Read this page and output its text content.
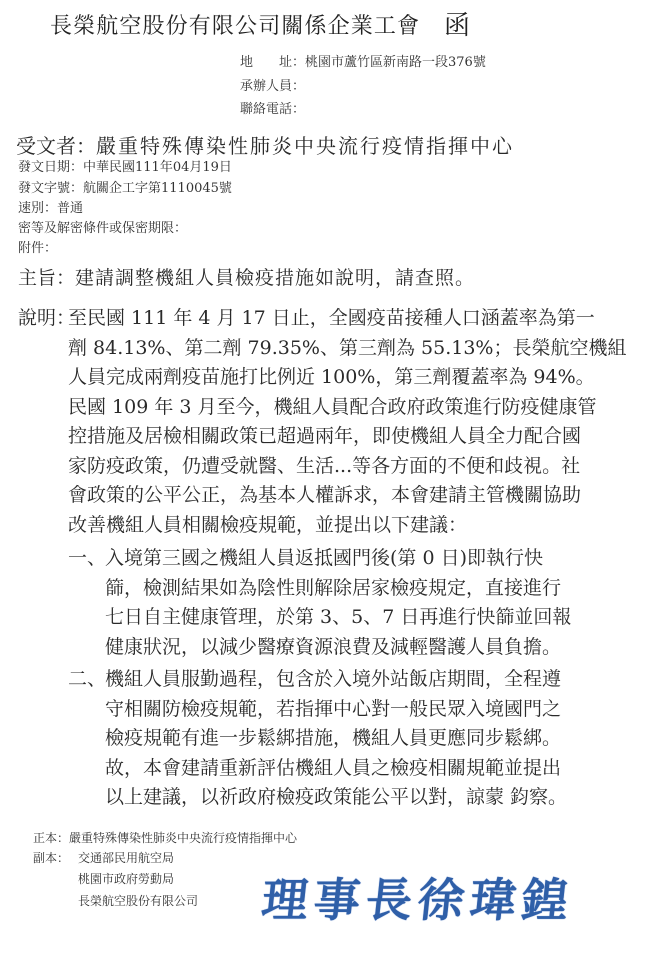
長榮航空股份有限公司關係企業工會 函
地　　址：桃園市蘆竹區新南路一段376號
承辦人員：
聯絡電話：
受文者：嚴重特殊傳染性肺炎中央流行疫情指揮中心
發文日期：中華民國111年04月19日
發文字號：航關企工字第1110045號
速別：普通
密等及解密條件或保密期限：
附件：
主旨：建請調整機組人員檢疫措施如說明，請查照。
說明：
至民國 111 年 4 月 17 日止，全國疫苗接種人口涵蓋率為第一
劑 84.13%、第二劑 79.35%、第三劑為 55.13%；長榮航空機組
人員完成兩劑疫苗施打比例近 100%，第三劑覆蓋率為 94%。
民國 109 年 3 月至今，機組人員配合政府政策進行防疫健康管
控措施及居檢相關政策已超過兩年，即使機組人員全力配合國
家防疫政策，仍遭受就醫、生活...等各方面的不便和歧視。社
會政策的公平公正，為基本人權訴求，本會建請主管機關協助
改善機組人員相關檢疫規範，並提出以下建議：
一、
入境第三國之機組人員返抵國門後(第 0 日)即執行快
篩，檢測結果如為陰性則解除居家檢疫規定，直接進行
七日自主健康管理，於第 3、5、7 日再進行快篩並回報
健康狀況，以減少醫療資源浪費及減輕醫護人員負擔。
二、
機組人員服勤過程，包含於入境外站飯店期間，全程遵
守相關防檢疫規範，若指揮中心對一般民眾入境國門之
檢疫規範有進一步鬆綁措施，機組人員更應同步鬆綁。
故，本會建請重新評估機組人員之檢疫相關規範並提出
以上建議，以祈政府檢疫政策能公平以對，諒蒙 鈞察。
正本：嚴重特殊傳染性肺炎中央流行疫情指揮中心
副本： 交通部民用航空局
桃園市政府勞動局
長榮航空股份有限公司 理事長徐瑋鍠
